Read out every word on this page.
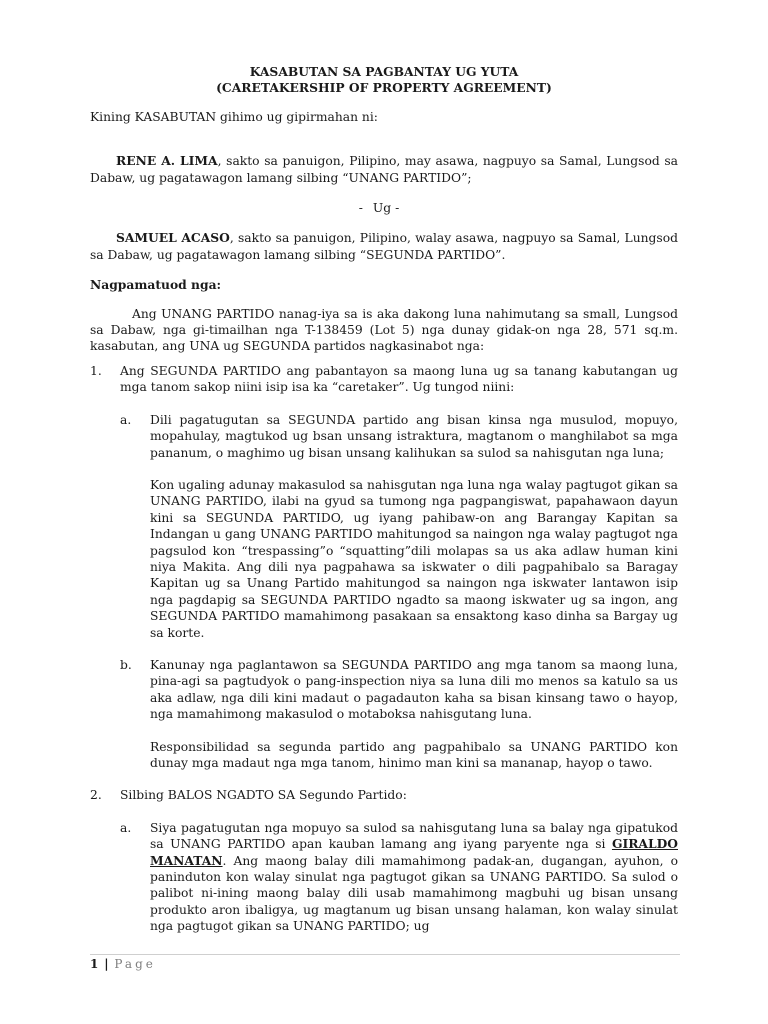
KASABUTAN SA PAGBANTAY UG YUTA

(CARETAKERSHIP OF PROPERTY AGREEMENT)

Kining KASABUTAN gihimo ug gipirmahan ni:

RENE A. LIMA, sakto sa panuigon, Pilipino, may asawa, nagpuyo sa Samal, Lungsod sa Dabaw, ug pagatawagon lamang silbing “UNANG PARTIDO”;

- Ug -

SAMUEL ACASO, sakto sa panuigon, Pilipino, walay asawa, nagpuyo sa Samal, Lungsod sa Dabaw, ug pagatawagon lamang silbing “SEGUNDA PARTIDO”.

Nagpamatuod nga:

Ang UNANG PARTIDO nanag-iya sa is aka dakong luna nahimutang sa small, Lungsod sa Dabaw, nga gi-timailhan nga T-138459 (Lot 5) nga dunay gidak-on nga 28, 571 sq.m. kasabutan, ang UNA ug SEGUNDA partidos nagkasinabot nga:

1.	Ang SEGUNDA PARTIDO ang pabantayon sa maong luna ug sa tanang kabutangan ug mga tanom sakop niini isip isa ka “caretaker”. Ug tungod niini:

a.	Dili pagatugutan sa SEGUNDA partido ang bisan kinsa nga musulod, mopuyo, mopahulay, magtukod ug bsan unsang istraktura, magtanom o manghilabot sa mga pananum, o maghimo ug bisan unsang kalihukan sa sulod sa nahisgutan nga luna;

Kon ugaling adunay makasulod sa nahisgutan nga luna nga walay pagtugot gikan sa UNANG PARTIDO, ilabi na gyud sa tumong nga pagpangiswat, papahawaon dayun kini sa SEGUNDA PARTIDO, ug iyang pahibaw-on ang Barangay Kapitan sa Indangan u gang UNANG PARTIDO mahitungod sa naingon nga walay pagtugot nga pagsulod kon “trespassing”o “squatting”dili molapas sa us aka adlaw human kini niya Makita. Ang dili nya pagpahawa sa iskwater o dili pagpahibalo sa Baragay Kapitan ug sa Unang Partido mahitungod sa naingon nga iskwater lantawon isip nga pagdapig sa SEGUNDA PARTIDO ngadto sa maong iskwater ug sa ingon, ang SEGUNDA PARTIDO mamahimong pasakaan sa ensaktong kaso dinha sa Bargay ug sa korte.

b.	Kanunay nga paglantawon sa SEGUNDA PARTIDO ang mga tanom sa maong luna, pina-agi sa pagtudyok o pang-inspection niya sa luna dili mo menos sa katulo sa us aka adlaw, nga dili kini madaut o pagadauton kaha sa bisan kinsang tawo o hayop, nga mamahimong makasulod o motaboksa nahisgutang luna.

Responsibilidad sa segunda partido ang pagpahibalo sa UNANG PARTIDO kon dunay mga madaut nga mga tanom, hinimo man kini sa mananap, hayop o tawo.

2.	Silbing BALOS NGADTO SA Segundo Partido:

a.	Siya pagatugutan nga mopuyo sa sulod sa nahisgutang luna sa balay nga gipatukod sa UNANG PARTIDO apan kauban lamang ang iyang paryente nga si GIRALDO MANATAN. Ang maong balay dili mamahimong padak-an, dugangan, ayuhon, o paninduton kon walay sinulat nga pagtugot gikan sa UNANG PARTIDO. Sa sulod o palibot ni-ining maong balay dili usab mamahimong magbuhi ug bisan unsang produkto aron ibaligya, ug magtanum ug bisan unsang halaman, kon walay sinulat nga pagtugot gikan sa UNANG PARTIDO; ug

1 | Page
